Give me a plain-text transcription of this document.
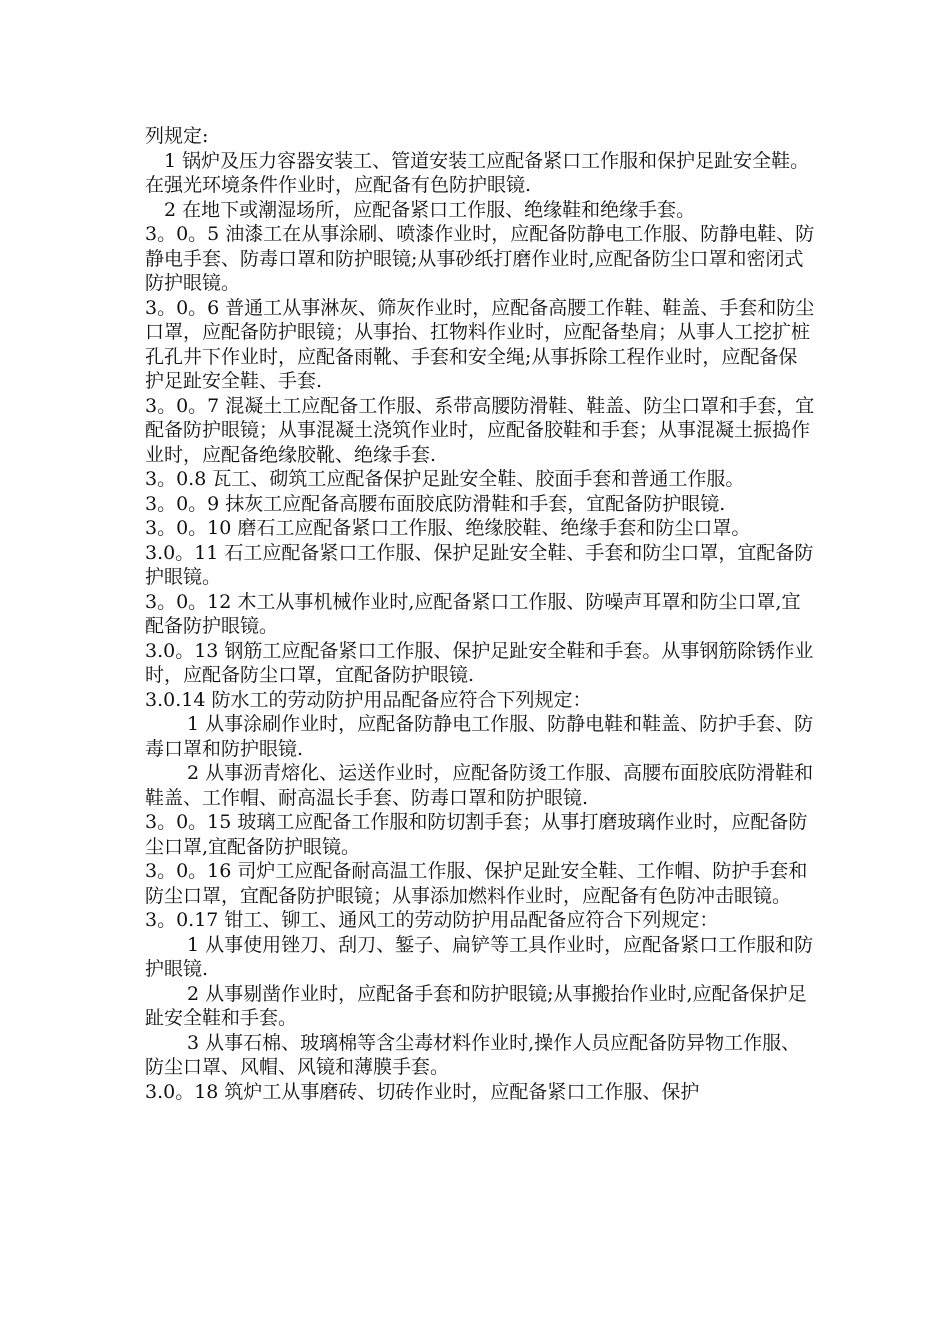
列规定:

1 锅炉及压力容器安装工、管道安装工应配备紧口工作服和保护足趾安全鞋。在强光环境条件作业时，应配备有色防护眼镜.

2 在地下或潮湿场所，应配备紧口工作服、绝缘鞋和绝缘手套。

3。0。5 油漆工在从事涂刷、喷漆作业时，应配备防静电工作服、防静电鞋、防静电手套、防毒口罩和防护眼镜;从事砂纸打磨作业时,应配备防尘口罩和密闭式防护眼镜。

3。0。6 普通工从事淋灰、筛灰作业时，应配备高腰工作鞋、鞋盖、手套和防尘口罩，应配备防护眼镜；从事抬、扛物料作业时，应配备垫肩；从事人工挖扩桩孔孔井下作业时，应配备雨靴、手套和安全绳;从事拆除工程作业时，应配备保护足趾安全鞋、手套.

3。0。7 混凝土工应配备工作服、系带高腰防滑鞋、鞋盖、防尘口罩和手套，宜配备防护眼镜；从事混凝土浇筑作业时，应配备胶鞋和手套；从事混凝土振捣作业时，应配备绝缘胶靴、绝缘手套.

3。0.8 瓦工、砌筑工应配备保护足趾安全鞋、胶面手套和普通工作服。

3。0。9 抹灰工应配备高腰布面胶底防滑鞋和手套，宜配备防护眼镜.

3。0。10 磨石工应配备紧口工作服、绝缘胶鞋、绝缘手套和防尘口罩。

3.0。11 石工应配备紧口工作服、保护足趾安全鞋、手套和防尘口罩，宜配备防护眼镜。

3。0。12 木工从事机械作业时,应配备紧口工作服、防噪声耳罩和防尘口罩,宜配备防护眼镜。

3.0。13 钢筋工应配备紧口工作服、保护足趾安全鞋和手套。从事钢筋除锈作业时，应配备防尘口罩，宜配备防护眼镜.

3.0.14 防水工的劳动防护用品配备应符合下列规定：

1 从事涂刷作业时，应配备防静电工作服、防静电鞋和鞋盖、防护手套、防毒口罩和防护眼镜.

2 从事沥青熔化、运送作业时，应配备防烫工作服、高腰布面胶底防滑鞋和鞋盖、工作帽、耐高温长手套、防毒口罩和防护眼镜.

3。0。15 玻璃工应配备工作服和防切割手套；从事打磨玻璃作业时，应配备防尘口罩,宜配备防护眼镜。

3。0。16 司炉工应配备耐高温工作服、保护足趾安全鞋、工作帽、防护手套和防尘口罩，宜配备防护眼镜；从事添加燃料作业时，应配备有色防冲击眼镜。

3。0.17 钳工、铆工、通风工的劳动防护用品配备应符合下列规定：

1 从事使用锉刀、刮刀、錾子、扁铲等工具作业时，应配备紧口工作服和防护眼镜.

2 从事剔凿作业时，应配备手套和防护眼镜;从事搬抬作业时,应配备保护足趾安全鞋和手套。

3 从事石棉、玻璃棉等含尘毒材料作业时,操作人员应配备防异物工作服、防尘口罩、风帽、风镜和薄膜手套。

3.0。18 筑炉工从事磨砖、切砖作业时，应配备紧口工作服、保护
